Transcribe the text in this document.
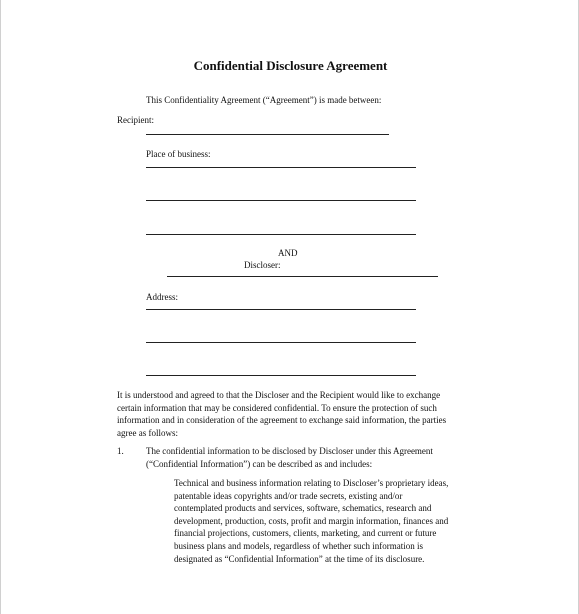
Confidential Disclosure Agreement
This Confidentiality Agreement (“Agreement”) is made between:
Recipient:
Place of business:
AND
Discloser:
Address:
It is understood and agreed to that the Discloser and the Recipient would like to exchange
certain information that may be considered confidential. To ensure the protection of such
information and in consideration of the agreement to exchange said information, the parties
agree as follows:
1. The confidential information to be disclosed by Discloser under this Agreement
(“Confidential Information”) can be described as and includes:
Technical and business information relating to Discloser’s proprietary ideas,
patentable ideas copyrights and/or trade secrets, existing and/or
contemplated products and services, software, schematics, research and
development, production, costs, profit and margin information, finances and
financial projections, customers, clients, marketing, and current or future
business plans and models, regardless of whether such information is
designated as “Confidential Information” at the time of its disclosure.
